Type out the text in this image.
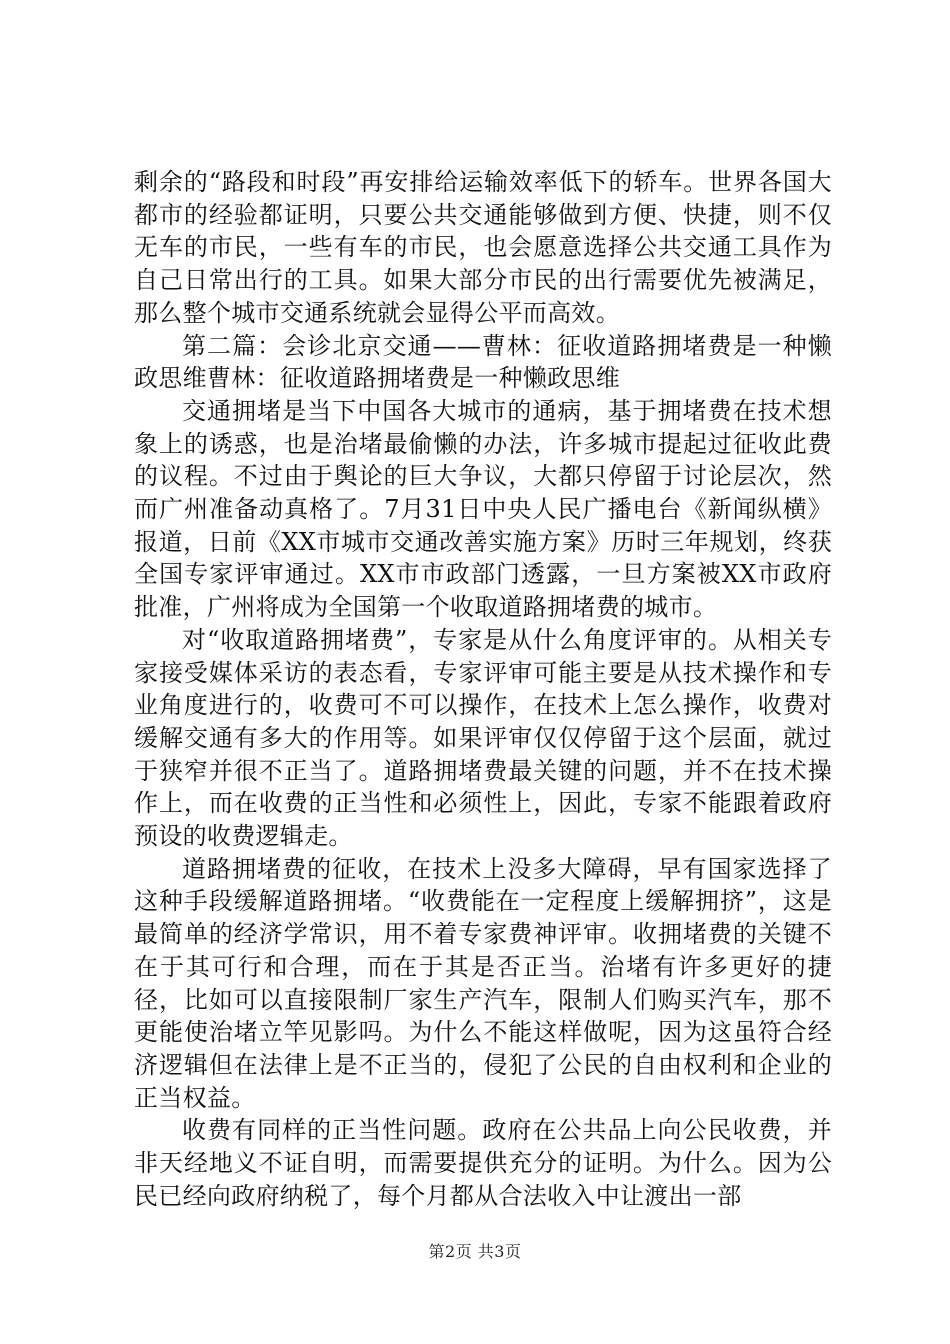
剩余的“路段和时段”再安排给运输效率低下的轿车。世界各国大都市的经验都证明，只要公共交通能够做到方便、快捷，则不仅无车的市民，一些有车的市民，也会愿意选择公共交通工具作为自己日常出行的工具。如果大部分市民的出行需要优先被满足，那么整个城市交通系统就会显得公平而高效。

第二篇：会诊北京交通——曹林：征收道路拥堵费是一种懒政思维曹林：征收道路拥堵费是一种懒政思维

交通拥堵是当下中国各大城市的通病，基于拥堵费在技术想象上的诱惑，也是治堵最偷懒的办法，许多城市提起过征收此费的议程。不过由于舆论的巨大争议，大都只停留于讨论层次，然而广州准备动真格了。7月31日中央人民广播电台《新闻纵横》报道，日前《XX市城市交通改善实施方案》历时三年规划，终获全国专家评审通过。XX市市政部门透露，一旦方案被XX市政府批准，广州将成为全国第一个收取道路拥堵费的城市。

对“收取道路拥堵费”，专家是从什么角度评审的。从相关专家接受媒体采访的表态看，专家评审可能主要是从技术操作和专业角度进行的，收费可不可以操作，在技术上怎么操作，收费对缓解交通有多大的作用等。如果评审仅仅停留于这个层面，就过于狭窄并很不正当了。道路拥堵费最关键的问题，并不在技术操作上，而在收费的正当性和必须性上，因此，专家不能跟着政府预设的收费逻辑走。

道路拥堵费的征收，在技术上没多大障碍，早有国家选择了这种手段缓解道路拥堵。“收费能在一定程度上缓解拥挤”，这是最简单的经济学常识，用不着专家费神评审。收拥堵费的关键不在于其可行和合理，而在于其是否正当。治堵有许多更好的捷径，比如可以直接限制厂家生产汽车，限制人们购买汽车，那不更能使治堵立竿见影吗。为什么不能这样做呢，因为这虽符合经济逻辑但在法律上是不正当的，侵犯了公民的自由权利和企业的正当权益。

收费有同样的正当性问题。政府在公共品上向公民收费，并非天经地义不证自明，而需要提供充分的证明。为什么。因为公民已经向政府纳税了，每个月都从合法收入中让渡出一部

第2页 共3页
